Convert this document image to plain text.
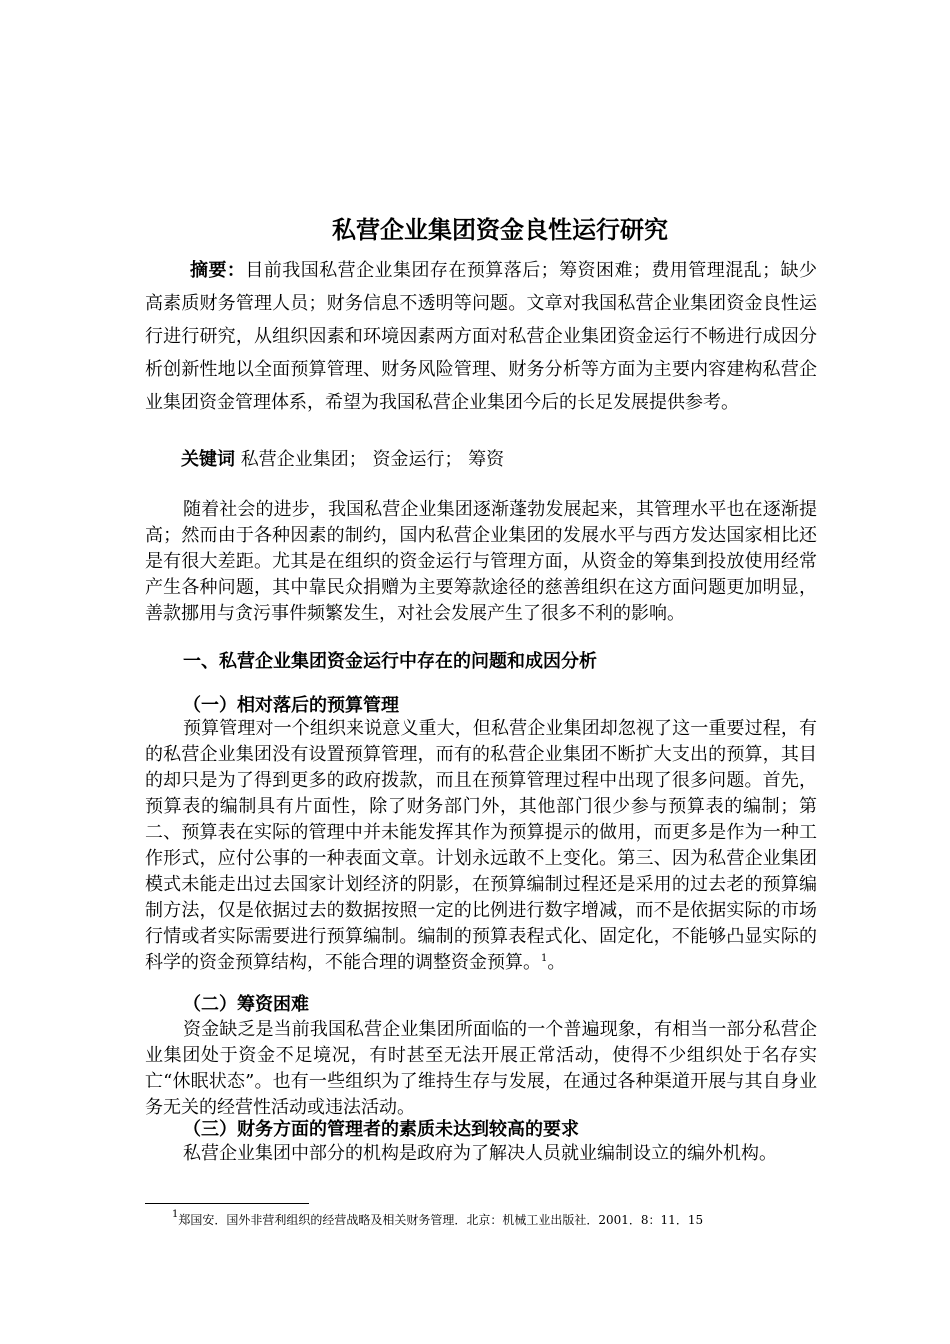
私营企业集团资金良性运行研究
摘要：目前我国私营企业集团存在预算落后；筹资困难；费用管理混乱；缺少高素质财务管理人员；财务信息不透明等问题。文章对我国私营企业集团资金良性运行进行研究，从组织因素和环境因素两方面对私营企业集团资金运行不畅进行成因分析创新性地以全面预算管理、财务风险管理、财务分析等方面为主要内容建构私营企业集团资金管理体系，希望为我国私营企业集团今后的长足发展提供参考。
关键词 私营企业集团； 资金运行； 筹资
随着社会的进步，我国私营企业集团逐渐蓬勃发展起来，其管理水平也在逐渐提高；然而由于各种因素的制约，国内私营企业集团的发展水平与西方发达国家相比还是有很大差距。尤其是在组织的资金运行与管理方面，从资金的筹集到投放使用经常产生各种问题，其中靠民众捐赠为主要筹款途径的慈善组织在这方面问题更加明显，善款挪用与贪污事件频繁发生，对社会发展产生了很多不利的影响。
一、私营企业集团资金运行中存在的问题和成因分析
（一）相对落后的预算管理
预算管理对一个组织来说意义重大，但私营企业集团却忽视了这一重要过程，有的私营企业集团没有设置预算管理，而有的私营企业集团不断扩大支出的预算，其目的却只是为了得到更多的政府拨款，而且在预算管理过程中出现了很多问题。首先，预算表的编制具有片面性，除了财务部门外，其他部门很少参与预算表的编制；第二、预算表在实际的管理中并未能发挥其作为预算提示的做用，而更多是作为一种工作形式，应付公事的一种表面文章。计划永远敢不上变化。第三、因为私营企业集团模式未能走出过去国家计划经济的阴影，在预算编制过程还是采用的过去老的预算编制方法，仅是依据过去的数据按照一定的比例进行数字增减，而不是依据实际的市场行情或者实际需要进行预算编制。编制的预算表程式化、固定化，不能够凸显实际的科学的资金预算结构，不能合理的调整资金预算。$^1$。
（二）筹资困难
资金缺乏是当前我国私营企业集团所面临的一个普遍现象，有相当一部分私营企业集团处于资金不足境况，有时甚至无法开展正常活动，使得不少组织处于名存实亡“休眠状态”。也有一些组织为了维持生存与发展，在通过各种渠道开展与其自身业务无关的经营性活动或违法活动。
（三）财务方面的管理者的素质未达到较高的要求
私营企业集团中部分的机构是政府为了解决人员就业编制设立的编外机构。
$^1$郑国安．国外非营利组织的经营战略及相关财务管理．北京：机械工业出版社．2001．8：11．15
